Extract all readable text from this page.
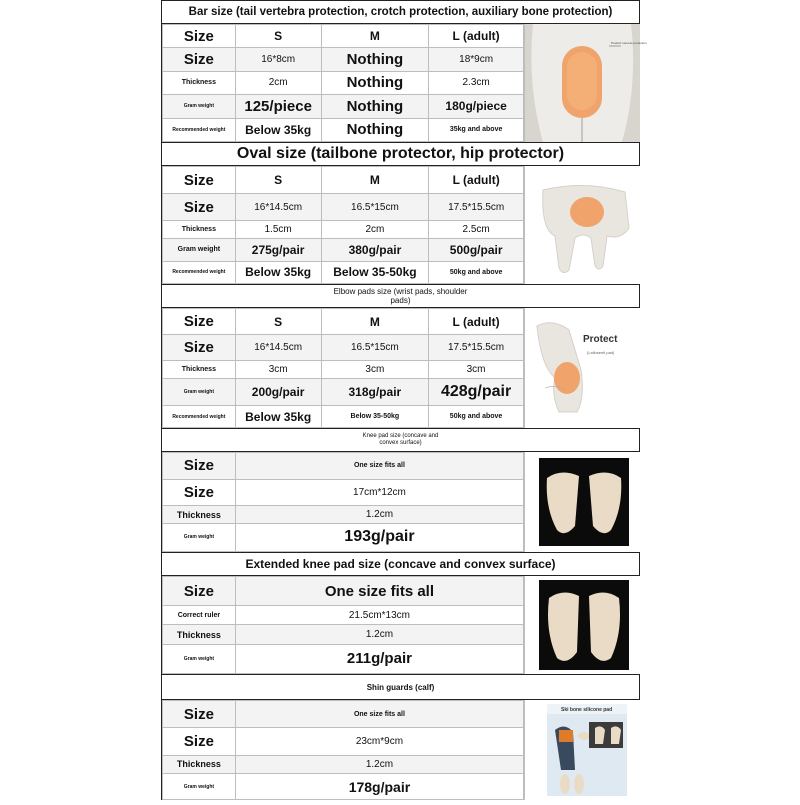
Bar size (tail vertebra protection, crotch protection, auxiliary bone protection)
Size	S	M	L (adult)
Size	16*8cm	Nothing	18*9cm
Thickness	2cm	Nothing	2.3cm
Gram weight	125/piece	Nothing	180g/piece
Recommended weight	Below 35kg	Nothing	35kg and above
Product used as protection
Oval size (tailbone protector, hip protector)
Size	S	M	L (adult)
Size	16*14.5cm	16.5*15cm	17.5*15.5cm
Thickness	1.5cm	2cm	2.5cm
Gram weight	275g/pair	380g/pair	500g/pair
Recommended weight	Below 35kg	Below 35-50kg	50kg and above
Elbow pads size (wrist pads, shoulder pads)
Size	S	M	L (adult)
Size	16*14.5cm	16.5*15cm	17.5*15.5cm
Thickness	3cm	3cm	3cm
Gram weight	200g/pair	318g/pair	428g/pair
Recommended weight	Below 35kg	Below 35-50kg	50kg and above
Protect
(Lallnsentl pad)
Knee pad size (concave and convex surface)
Size	One size fits all
Size	17cm*12cm
Thickness	1.2cm
Gram weight	193g/pair
Extended knee pad size (concave and convex surface)
Size	One size fits all
Correct ruler	21.5cm*13cm
Thickness	1.2cm
Gram weight	211g/pair
Shin guards (calf)
Size	One size fits all
Size	23cm*9cm
Thickness	1.2cm
Gram weight	178g/pair
Ski bone silicone pad
